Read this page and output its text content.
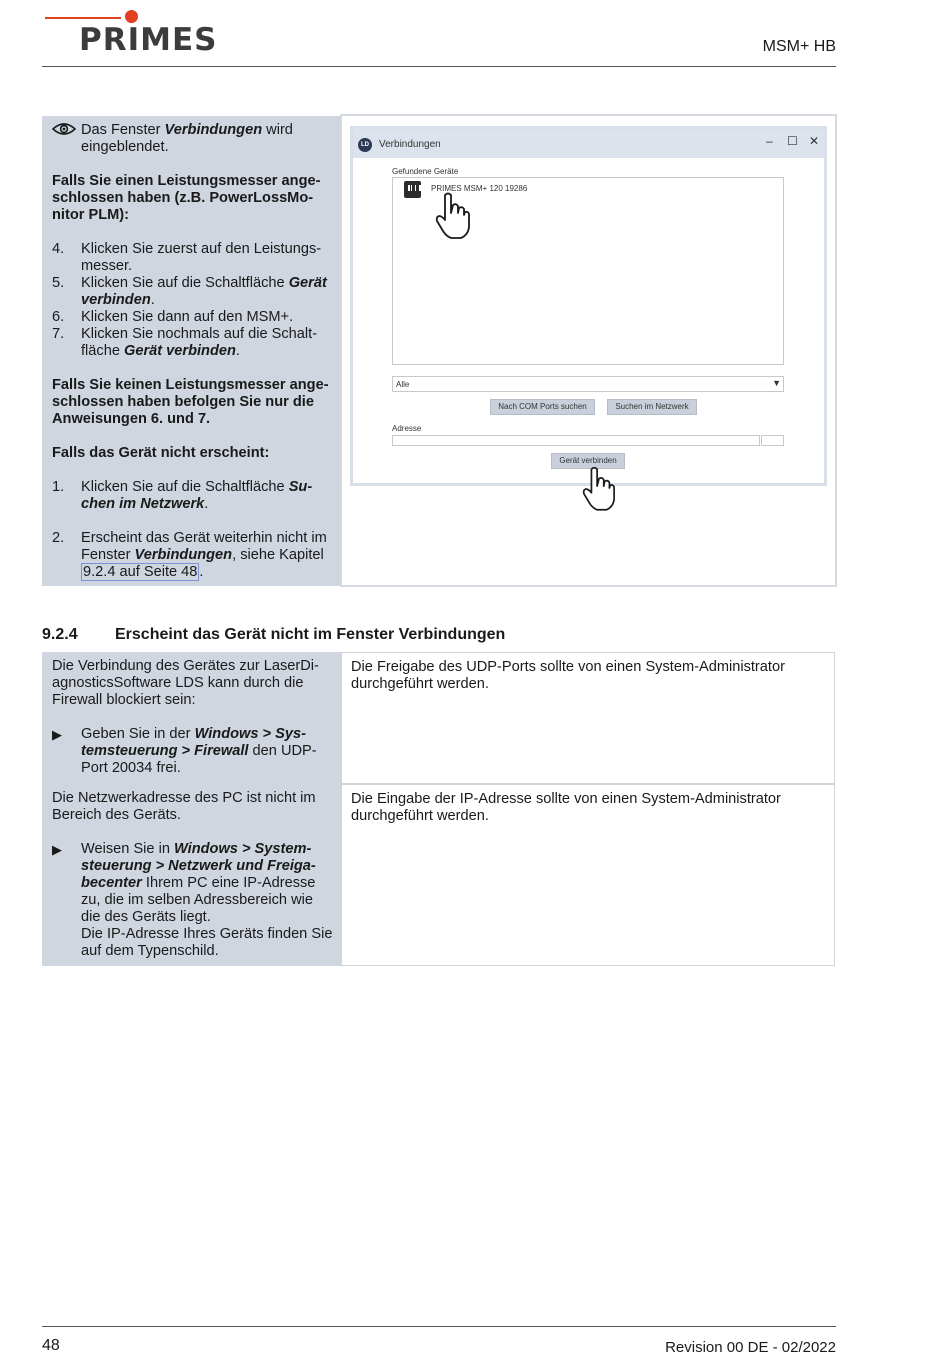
PRIMES	MSM+ HB
Das Fenster Verbindungen wird eingeblendet.
Falls Sie einen Leistungsmesser ange-schlossen haben (z.B. PowerLossMo-nitor PLM):
4.	Klicken Sie zuerst auf den Leistungs-messer.
5.	Klicken Sie auf die Schaltfläche Gerät verbinden.
6.	Klicken Sie dann auf den MSM+.
7.	Klicken Sie nochmals auf die Schalt-fläche Gerät verbinden.
Falls Sie keinen Leistungsmesser ange-schlossen haben befolgen Sie nur die Anweisungen 6. und 7.
Falls das Gerät nicht erscheint:
1.	Klicken Sie auf die Schaltfläche Su-chen im Netzwerk.
2.	Erscheint das Gerät weiterhin nicht im Fenster Verbindungen, siehe Kapitel 9.2.4 auf Seite 48 .
LD	Verbindungen	– ☐ ✕
Gefundene Geräte
PRIMES MSM+ 120 19286
Alle	▼
Nach COM Ports suchen	Suchen im Netzwerk
Adresse
Gerät verbinden
9.2.4 Erscheint das Gerät nicht im Fenster Verbindungen
Die Verbindung des Gerätes zur LaserDi-agnosticsSoftware LDS kann durch die Firewall blockiert sein:
▶	Geben Sie in der Windows > Sys-temsteuerung > Firewall den UDP-Port 20034 frei.
Die Freigabe des UDP-Ports sollte von einen System-Administrator durchgeführt werden.
Die Netzwerkadresse des PC ist nicht im Bereich des Geräts.
▶	Weisen Sie in Windows > System-steuerung > Netzwerk und Freiga-becenter Ihrem PC eine IP-Adresse zu, die im selben Adressbereich wie die des Geräts liegt.
Die IP-Adresse Ihres Geräts finden Sie auf dem Typenschild.
Die Eingabe der IP-Adresse sollte von einen System-Administrator durchgeführt werden.
48	Revision 00 DE - 02/2022
